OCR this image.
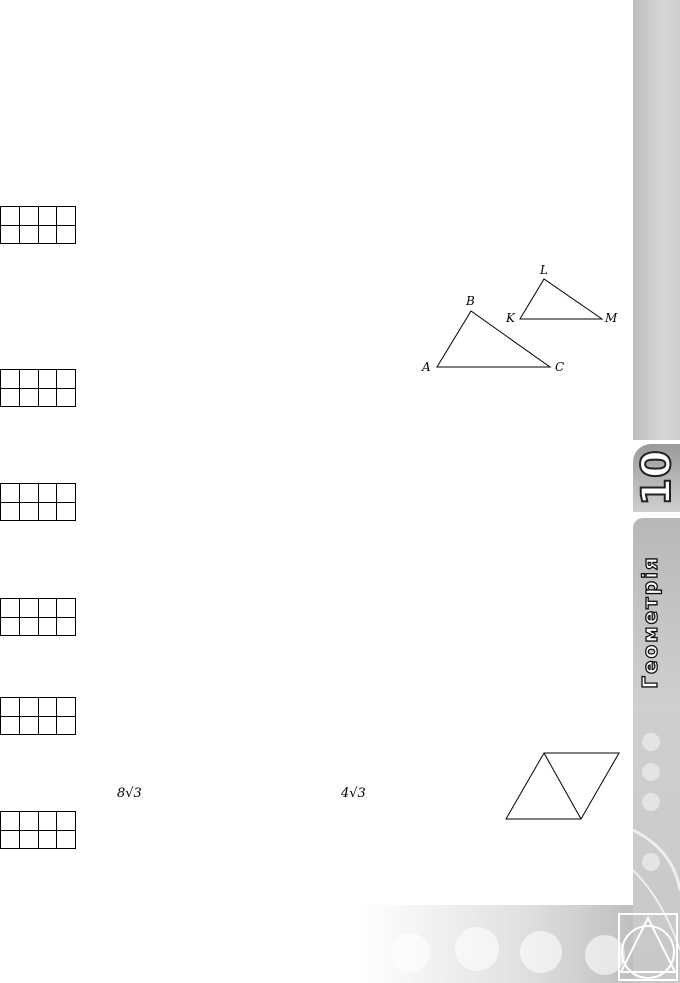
A
B
C
K
L
M
8√3	4√3
10
Геометрія
